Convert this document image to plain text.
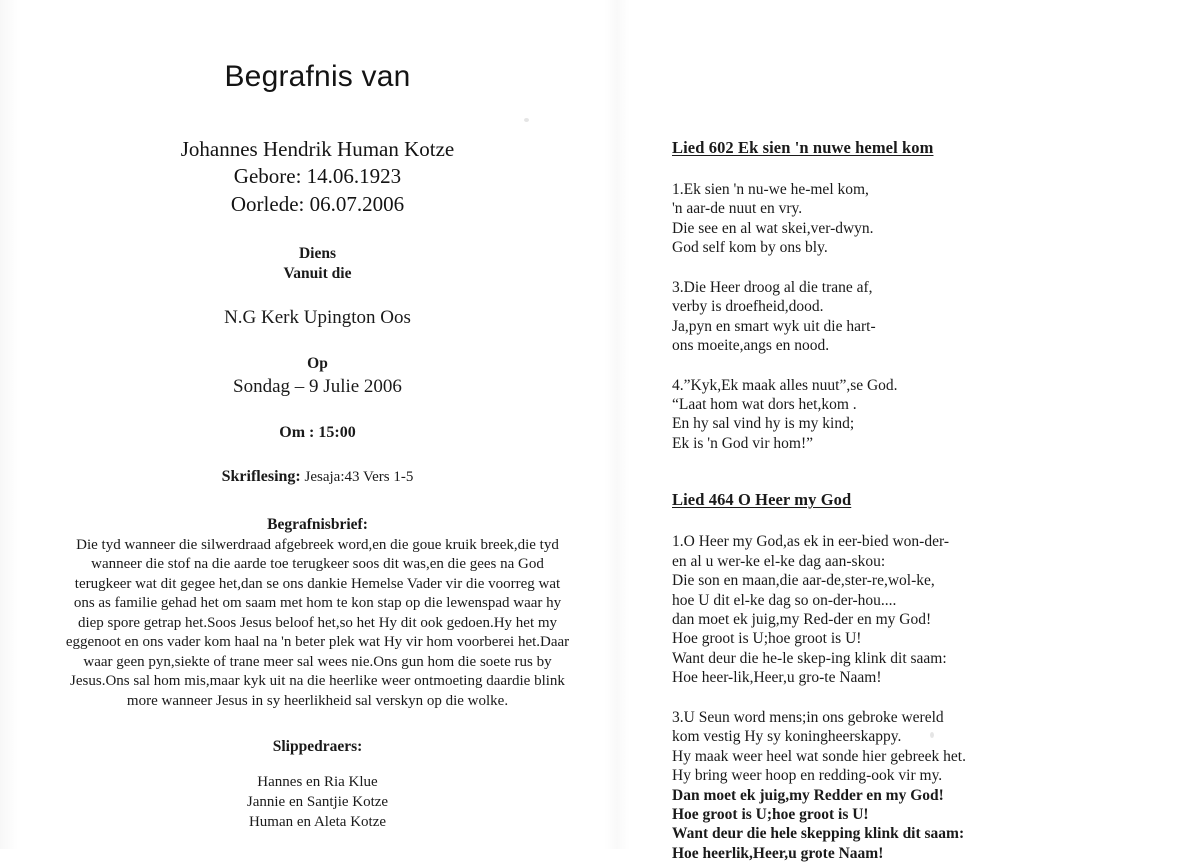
Begrafnis van
Johannes Hendrik Human Kotze
Gebore: 14.06.1923
Oorlede: 06.07.2006
Diens
Vanuit die
N.G Kerk Upington Oos
Op
Sondag – 9 Julie 2006
Om : 15:00
Skriflesing: Jesaja:43 Vers 1-5
Begrafnisbrief:
Die tyd wanneer die silwerdraad afgebreek word,en die goue kruik breek,die tyd
wanneer die stof na die aarde toe terugkeer soos dit was,en die gees na God
terugkeer wat dit gegee het,dan se ons dankie Hemelse Vader vir die voorreg wat
ons as familie gehad het om saam met hom te kon stap op die lewenspad waar hy
diep spore getrap het.Soos Jesus beloof het,so het Hy dit ook gedoen.Hy het my
eggenoot en ons vader kom haal na 'n beter plek wat Hy vir hom voorberei het.Daar
waar geen pyn,siekte of trane meer sal wees nie.Ons gun hom die soete rus by
Jesus.Ons sal hom mis,maar kyk uit na die heerlike weer ontmoeting daardie blink
more wanneer Jesus in sy heerlikheid sal verskyn op die wolke.
Slippedraers:
Hannes en Ria Klue
Jannie en Santjie Kotze
Human en Aleta Kotze
Lied 602 Ek sien 'n nuwe hemel kom
1.Ek sien 'n nu-we he-mel kom,
'n aar-de nuut en vry.
Die see en al wat skei,ver-dwyn.
God self kom by ons bly.
3.Die Heer droog al die trane af,
verby is droefheid,dood.
Ja,pyn en smart wyk uit die hart-
ons moeite,angs en nood.
4.”Kyk,Ek maak alles nuut”,se God.
“Laat hom wat dors het,kom .
En hy sal vind hy is my kind;
Ek is 'n God vir hom!”
Lied 464 O Heer my God
1.O Heer my God,as ek in eer-bied won-der-
en al u wer-ke el-ke dag aan-skou:
Die son en maan,die aar-de,ster-re,wol-ke,
hoe U dit el-ke dag so on-der-hou....
dan moet ek juig,my Red-der en my God!
Hoe groot is U;hoe groot is U!
Want deur die he-le skep-ing klink dit saam:
Hoe heer-lik,Heer,u gro-te Naam!
3.U Seun word mens;in ons gebroke wereld
kom vestig Hy sy koningheerskappy.
Hy maak weer heel wat sonde hier gebreek het.
Hy bring weer hoop en redding-ook vir my.
Dan moet ek juig,my Redder en my God!
Hoe groot is U;hoe groot is U!
Want deur die hele skepping klink dit saam:
Hoe heerlik,Heer,u grote Naam!
